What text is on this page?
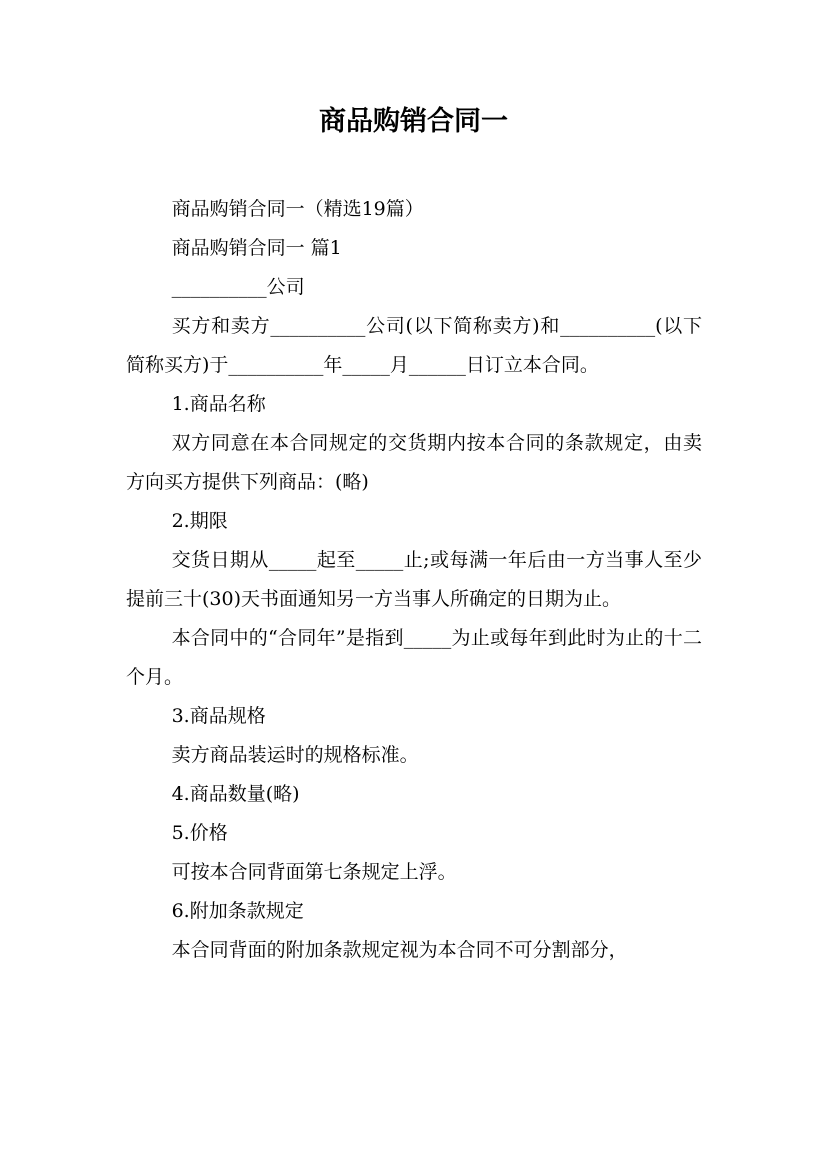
商品购销合同一

商品购销合同一（精选19篇）

商品购销合同一 篇1

__________公司

买方和卖方__________公司(以下简称卖方)和__________(以下简称买方)于__________年_____月______日订立本合同。

1.商品名称

双方同意在本合同规定的交货期内按本合同的条款规定，由卖方向买方提供下列商品：(略)

2.期限

交货日期从_____起至_____止;或每满一年后由一方当事人至少提前三十(30)天书面通知另一方当事人所确定的日期为止。

本合同中的“合同年”是指到_____为止或每年到此时为止的十二个月。

3.商品规格

卖方商品装运时的规格标准。

4.商品数量(略)

5.价格

可按本合同背面第七条规定上浮。

6.附加条款规定

本合同背面的附加条款规定视为本合同不可分割部分，
